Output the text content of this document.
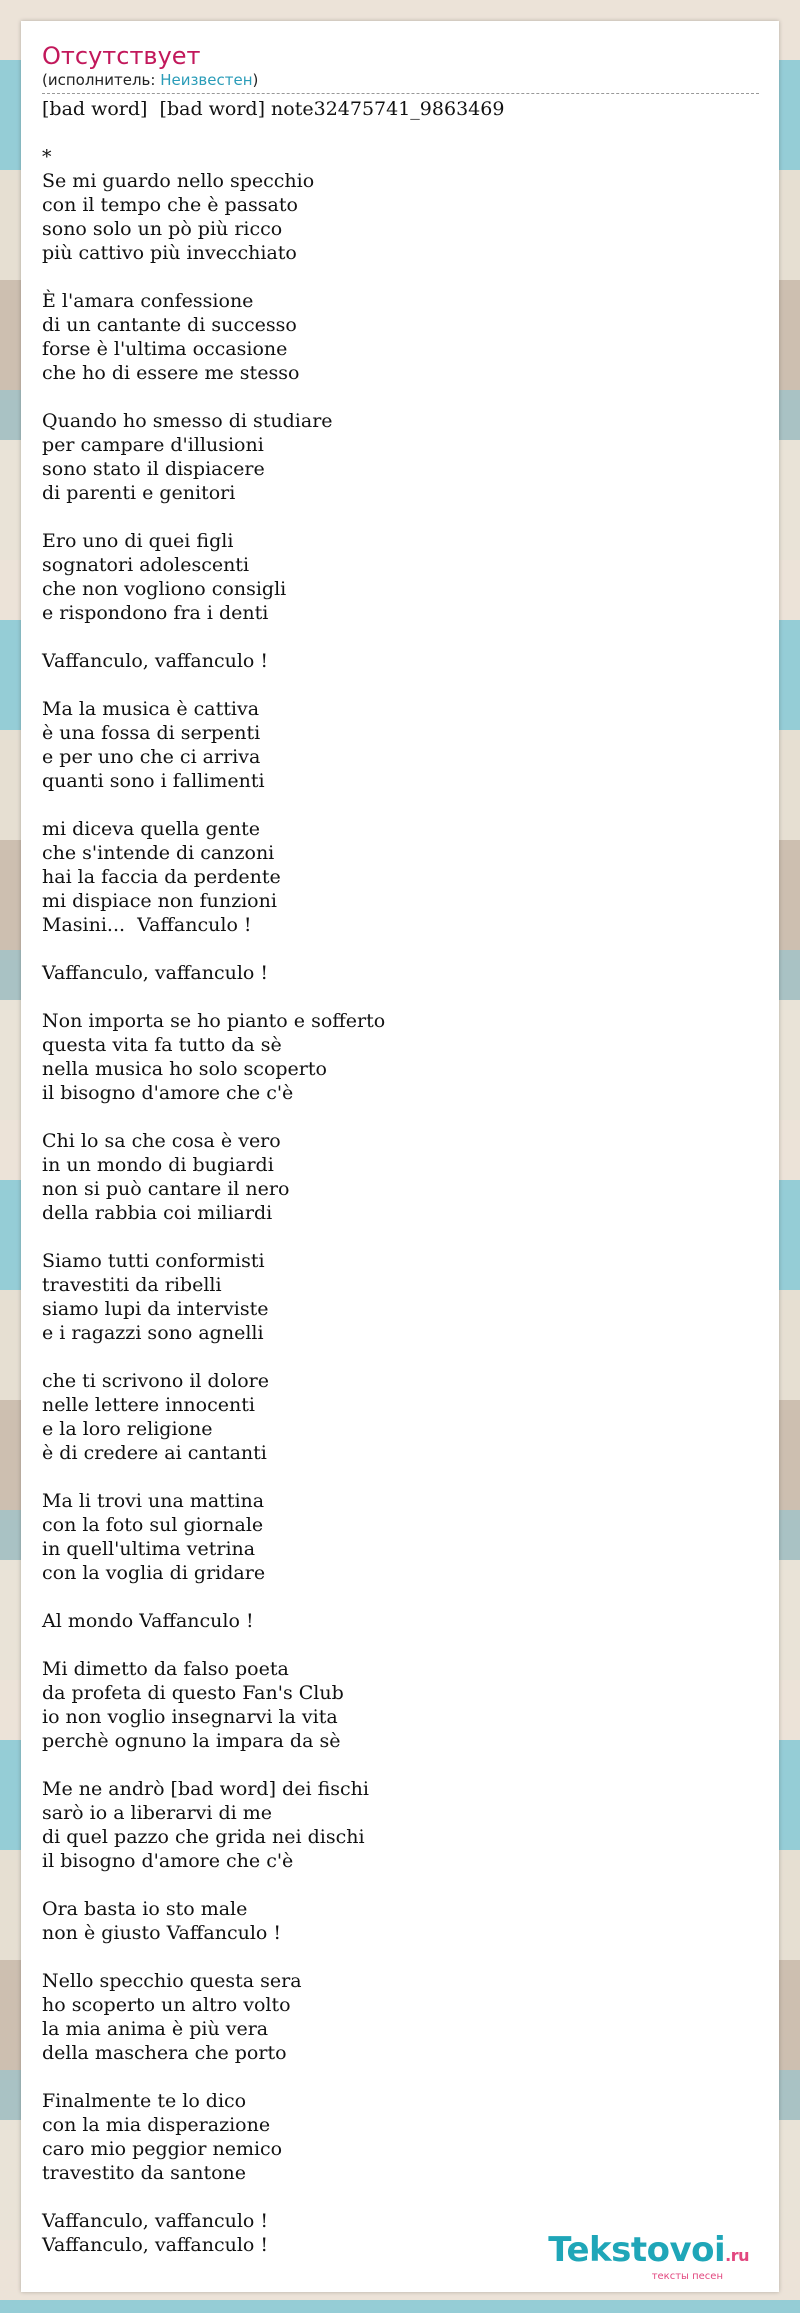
Отсутствует
(исполнитель: Неизвестен)
[bad word]  [bad word] note32475741_9863469

*
Se mi guardo nello specchio
con il tempo che è passato
sono solo un pò più ricco
più cattivo più invecchiato

È l'amara confessione
di un cantante di successo
forse è l'ultima occasione
che ho di essere me stesso

Quando ho smesso di studiare
per campare d'illusioni
sono stato il dispiacere
di parenti e genitori

Ero uno di quei figli
sognatori adolescenti
che non vogliono consigli
e rispondono fra i denti

Vaffanculo, vaffanculo !

Ma la musica è cattiva
è una fossa di serpenti
e per uno che ci arriva
quanti sono i fallimenti

mi diceva quella gente
che s'intende di canzoni
hai la faccia da perdente
mi dispiace non funzioni
Masini...  Vaffanculo !

Vaffanculo, vaffanculo !

Non importa se ho pianto e sofferto
questa vita fa tutto da sè
nella musica ho solo scoperto
il bisogno d'amore che c'è

Chi lo sa che cosa è vero
in un mondo di bugiardi
non si può cantare il nero
della rabbia coi miliardi

Siamo tutti conformisti
travestiti da ribelli
siamo lupi da interviste
e i ragazzi sono agnelli

che ti scrivono il dolore
nelle lettere innocenti
e la loro religione
è di credere ai cantanti

Ma li trovi una mattina
con la foto sul giornale
in quell'ultima vetrina
con la voglia di gridare

Al mondo Vaffanculo !

Mi dimetto da falso poeta
da profeta di questo Fan's Club
io non voglio insegnarvi la vita
perchè ognuno la impara da sè

Me ne andrò [bad word] dei fischi
sarò io a liberarvi di me
di quel pazzo che grida nei dischi
il bisogno d'amore che c'è

Ora basta io sto male
non è giusto Vaffanculo !

Nello specchio questa sera
ho scoperto un altro volto
la mia anima è più vera
della maschera che porto

Finalmente te lo dico
con la mia disperazione
caro mio peggior nemico
travestito da santone

Vaffanculo, vaffanculo !
Vaffanculo, vaffanculo !	Tekstovoi.ru
тексты песен
